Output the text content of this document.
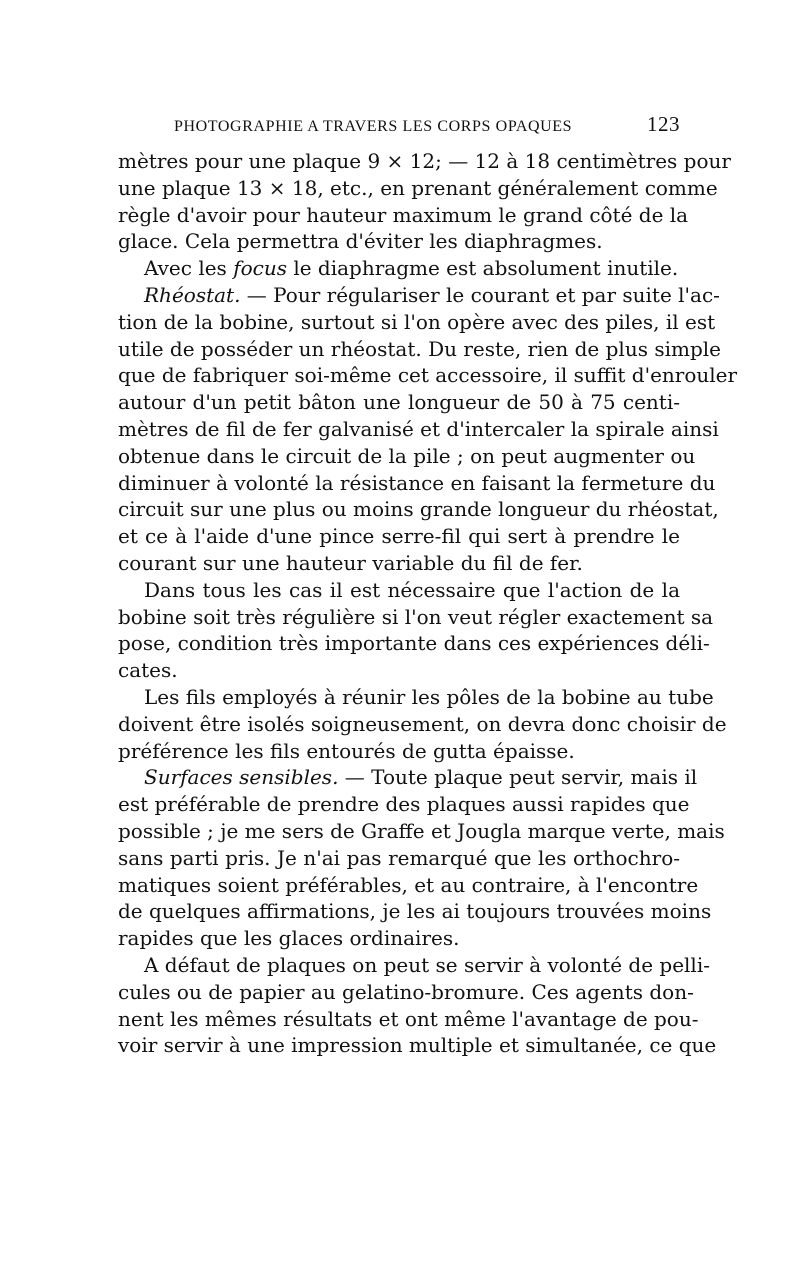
PHOTOGRAPHIE A TRAVERS LES CORPS OPAQUES	123
mètres pour une plaque 9 × 12; — 12 à 18 centimètres pour
une plaque 13 × 18, etc., en prenant généralement comme
règle d'avoir pour hauteur maximum le grand côté de la
glace. Cela permettra d'éviter les diaphragmes.
Avec les focus le diaphragme est absolument inutile.
Rhéostat. — Pour régulariser le courant et par suite l'ac-
tion de la bobine, surtout si l'on opère avec des piles, il est
utile de posséder un rhéostat. Du reste, rien de plus simple
que de fabriquer soi-même cet accessoire, il suffit d'enrouler
autour d'un petit bâton une longueur de 50 à 75 centi-
mètres de fil de fer galvanisé et d'intercaler la spirale ainsi
obtenue dans le circuit de la pile ; on peut augmenter ou
diminuer à volonté la résistance en faisant la fermeture du
circuit sur une plus ou moins grande longueur du rhéostat,
et ce à l'aide d'une pince serre-fil qui sert à prendre le
courant sur une hauteur variable du fil de fer.
Dans tous les cas il est nécessaire que l'action de la
bobine soit très régulière si l'on veut régler exactement sa
pose, condition très importante dans ces expériences déli-
cates.
Les fils employés à réunir les pôles de la bobine au tube
doivent être isolés soigneusement, on devra donc choisir de
préférence les fils entourés de gutta épaisse.
Surfaces sensibles. — Toute plaque peut servir, mais il
est préférable de prendre des plaques aussi rapides que
possible ; je me sers de Graffe et Jougla marque verte, mais
sans parti pris. Je n'ai pas remarqué que les orthochro-
matiques soient préférables, et au contraire, à l'encontre
de quelques affirmations, je les ai toujours trouvées moins
rapides que les glaces ordinaires.
A défaut de plaques on peut se servir à volonté de pelli-
cules ou de papier au gelatino-bromure. Ces agents don-
nent les mêmes résultats et ont même l'avantage de pou-
voir servir à une impression multiple et simultanée, ce que
